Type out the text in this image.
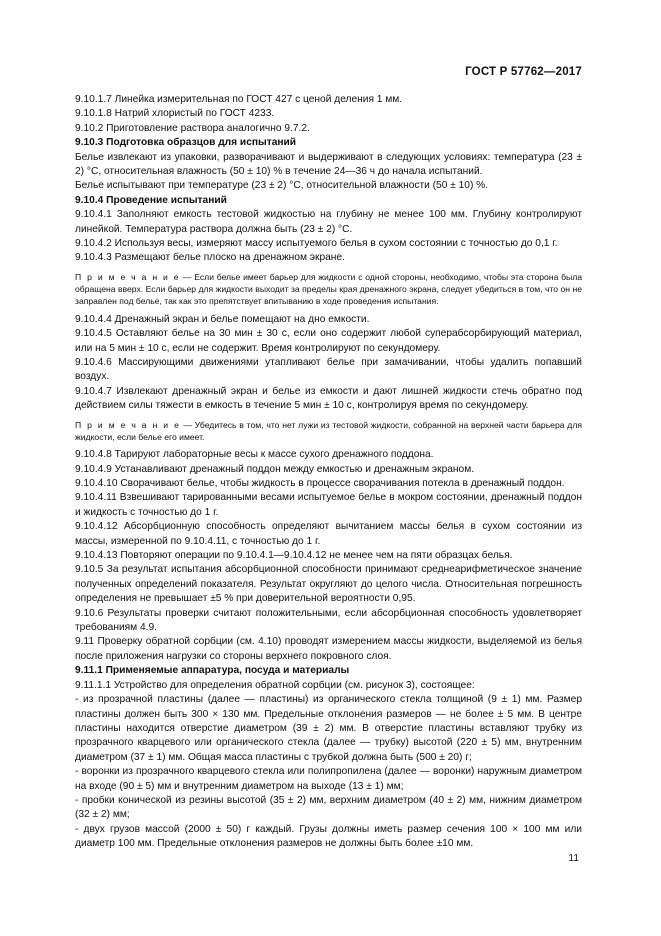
ГОСТ Р 57762—2017

9.10.1.7 Линейка измерительная по ГОСТ 427 с ценой деления 1 мм.

9.10.1.8 Натрий хлористый по ГОСТ 4233.

9.10.2 Приготовление раствора аналогично 9.7.2.

9.10.3 Подготовка образцов для испытаний

Белье извлекают из упаковки, разворачивают и выдерживают в следующих условиях: температура (23 ± 2) °С, относительная влажность (50 ± 10) % в течение 24—36 ч до начала испытаний.

Белье испытывают при температуре (23 ± 2) °С, относительной влажности (50 ± 10) %.

9.10.4 Проведение испытаний

9.10.4.1 Заполняют емкость тестовой жидкостью на глубину не менее 100 мм. Глубину контролируют линейкой. Температура раствора должна быть (23 ± 2) °С.

9.10.4.2 Используя весы, измеряют массу испытуемого белья в сухом состоянии с точностью до 0,1 г.

9.10.4.3 Размещают белье плоско на дренажном экране.

П р и м е ч а н и е — Если белье имеет барьер для жидкости с одной стороны, необходимо, чтобы эта сторона была обращена вверх. Если барьер для жидкости выходит за пределы края дренажного экрана, следует убедиться в том, что он не заправлен под белье, так как это препятствует впитыванию в ходе проведения испытания.

9.10.4.4 Дренажный экран и белье помещают на дно емкости.

9.10.4.5 Оставляют белье на 30 мин ± 30 с, если оно содержит любой суперабсорбирующий материал, или на 5 мин ± 10 с, если не содержит. Время контролируют по секундомеру.

9.10.4.6 Массирующими движениями утапливают белье при замачивании, чтобы удалить попавший воздух.

9.10.4.7 Извлекают дренажный экран и белье из емкости и дают лишней жидкости стечь обратно под действием силы тяжести в емкость в течение 5 мин ± 10 с, контролируя время по секундомеру.

П р и м е ч а н и е — Убедитесь в том, что нет лужи из тестовой жидкости, собранной на верхней части барьера для жидкости, если белье его имеет.

9.10.4.8 Тарируют лабораторные весы к массе сухого дренажного поддона.

9.10.4.9 Устанавливают дренажный поддон между емкостью и дренажным экраном.

9.10.4.10 Сворачивают белье, чтобы жидкость в процессе сворачивания потекла в дренажный поддон.

9.10.4.11 Взвешивают тарированными весами испытуемое белье в мокром состоянии, дренажный поддон и жидкость с точностью до 1 г.

9.10.4.12 Абсорбционную способность определяют вычитанием массы белья в сухом состоянии из массы, измеренной по 9.10.4.11, с точностью до 1 г.

9.10.4.13 Повторяют операции по 9.10.4.1—9.10.4.12 не менее чем на пяти образцах белья.

9.10.5 За результат испытания абсорбционной способности принимают среднеарифметическое значение полученных определений показателя. Результат округляют до целого числа. Относительная погрешность определения не превышает ±5 % при доверительной вероятности 0,95.

9.10.6 Результаты проверки считают положительными, если абсорбционная способность удовлетворяет требованиям 4.9.

9.11 Проверку обратной сорбции (см. 4.10) проводят измерением массы жидкости, выделяемой из белья после приложения нагрузки со стороны верхнего покровного слоя.

9.11.1 Применяемые аппаратура, посуда и материалы

9.11.1.1 Устройство для определения обратной сорбции (см. рисунок 3), состоящее:

- из прозрачной пластины (далее — пластины) из органического стекла толщиной (9 ± 1) мм. Размер пластины должен быть 300 × 130 мм. Предельные отклонения размеров — не более ± 5 мм. В центре пластины находится отверстие диаметром (39 ± 2) мм. В отверстие пластины вставляют трубку из прозрачного кварцевого или органического стекла (далее — трубку) высотой (220 ± 5) мм, внутренним диаметром (37 ± 1) мм. Общая масса пластины с трубкой должна быть (500 ± 20) г;

- воронки из прозрачного кварцевого стекла или полипропилена (далее — воронки) наружным диаметром на входе (90 ± 5) мм и внутренним диаметром на выходе (13 ± 1) мм;

- пробки конической из резины высотой (35 ± 2) мм, верхним диаметром (40 ± 2) мм, нижним диаметром (32 ± 2) мм;

- двух грузов массой (2000 ± 50) г каждый. Грузы должны иметь размер сечения 100 × 100 мм или диаметр 100 мм. Предельные отклонения размеров не должны быть более ±10 мм.

11
